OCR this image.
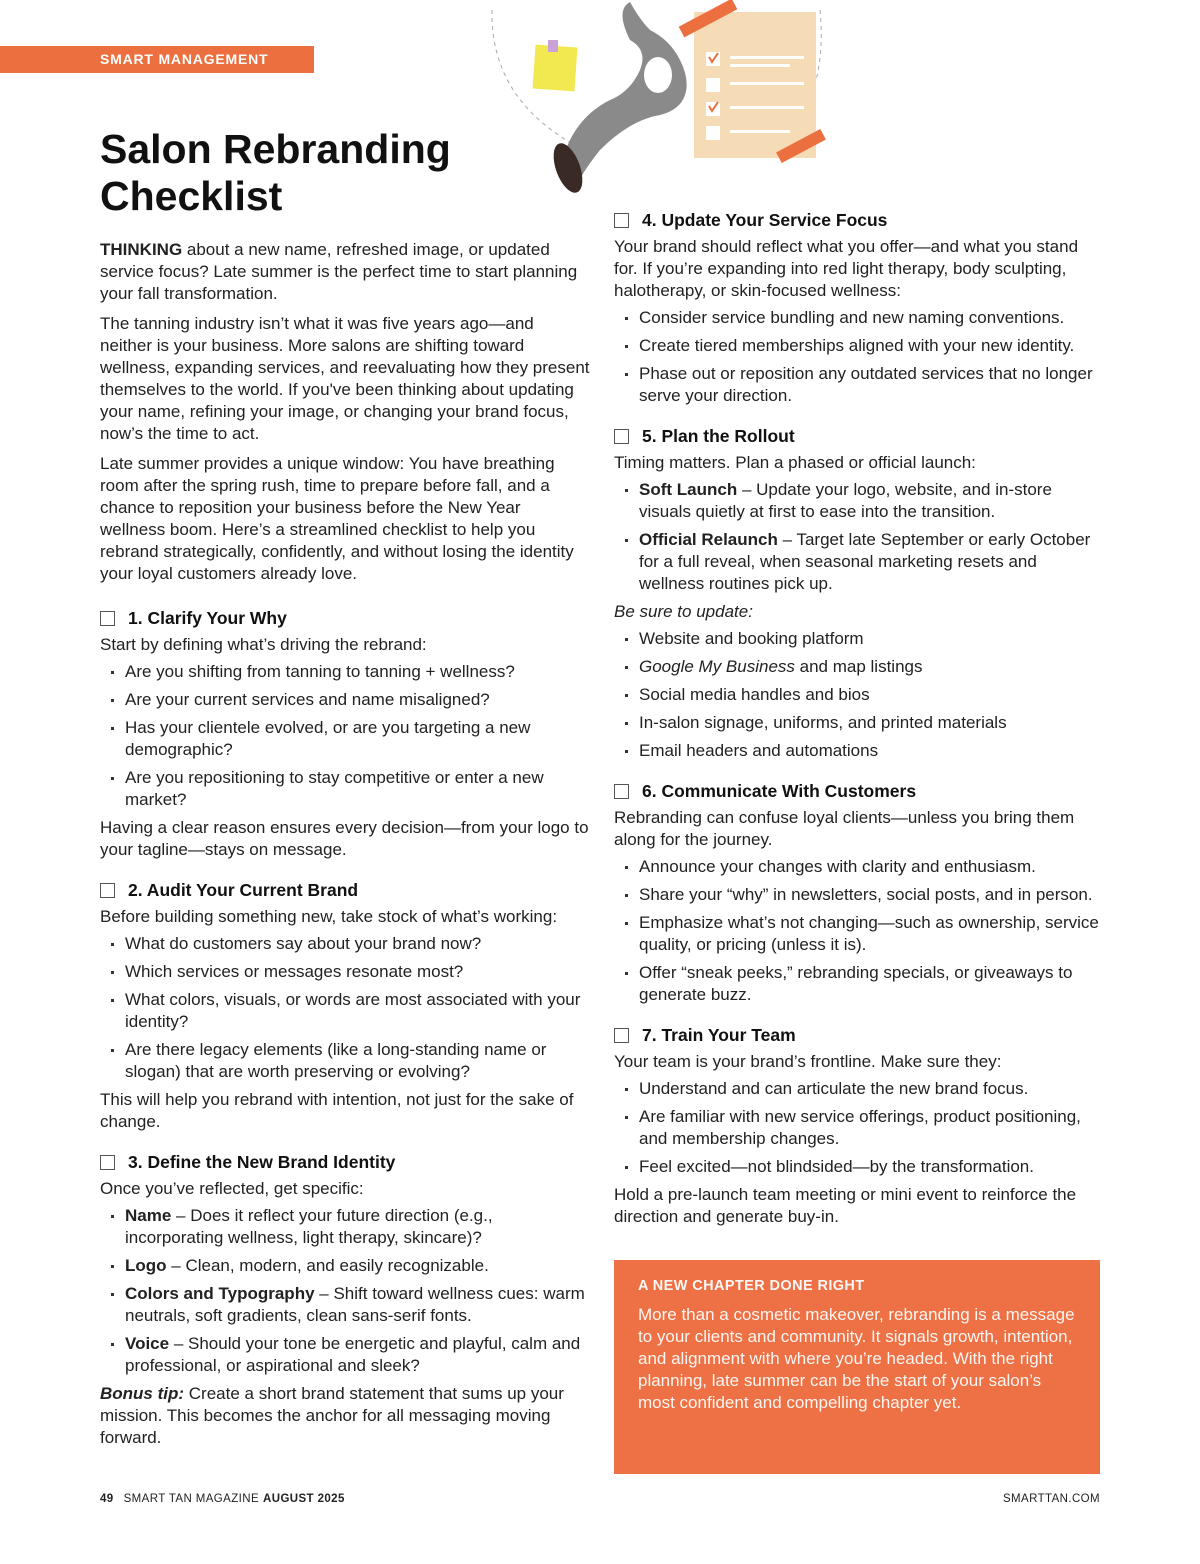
SMART MANAGEMENT
Salon Rebranding Checklist

THINKING about a new name, refreshed image, or updated service focus? Late summer is the perfect time to start planning your fall transformation.

The tanning industry isn’t what it was five years ago—and neither is your business. More salons are shifting toward wellness, expanding services, and reevaluating how they present themselves to the world. If you've been thinking about updating your name, refining your image, or changing your brand focus, now’s the time to act.

Late summer provides a unique window: You have breathing room after the spring rush, time to prepare before fall, and a chance to reposition your business before the New Year wellness boom. Here’s a streamlined checklist to help you rebrand strategically, confidently, and without losing the identity your loyal customers already love.

1. Clarify Your Why

Start by defining what’s driving the rebrand:

Are you shifting from tanning to tanning + wellness?
Are your current services and name misaligned?
Has your clientele evolved, or are you targeting a new demographic?
Are you repositioning to stay competitive or enter a new market?

Having a clear reason ensures every decision—from your logo to your tagline—stays on message.

2. Audit Your Current Brand

Before building something new, take stock of what’s working:

What do customers say about your brand now?
Which services or messages resonate most?
What colors, visuals, or words are most associated with your identity?
Are there legacy elements (like a long-standing name or slogan) that are worth preserving or evolving?

This will help you rebrand with intention, not just for the sake of change.

3. Define the New Brand Identity

Once you’ve reflected, get specific:

Name – Does it reflect your future direction (e.g., incorporating wellness, light therapy, skincare)?
Logo – Clean, modern, and easily recognizable.
Colors and Typography – Shift toward wellness cues: warm neutrals, soft gradients, clean sans-serif fonts.
Voice – Should your tone be energetic and playful, calm and professional, or aspirational and sleek?

Bonus tip: Create a short brand statement that sums up your mission. This becomes the anchor for all messaging moving forward.

4. Update Your Service Focus

Your brand should reflect what you offer—and what you stand for. If you’re expanding into red light therapy, body sculpting, halotherapy, or skin-focused wellness:

Consider service bundling and new naming conventions.
Create tiered memberships aligned with your new identity.
Phase out or reposition any outdated services that no longer serve your direction.
5. Plan the Rollout

Timing matters. Plan a phased or official launch:

Soft Launch – Update your logo, website, and in-store visuals quietly at first to ease into the transition.
Official Relaunch – Target late September or early October for a full reveal, when seasonal marketing resets and wellness routines pick up.

Be sure to update:

Website and booking platform
Google My Business and map listings
Social media handles and bios
In-salon signage, uniforms, and printed materials
Email headers and automations
6. Communicate With Customers

Rebranding can confuse loyal clients—unless you bring them along for the journey.

Announce your changes with clarity and enthusiasm.
Share your “why” in newsletters, social posts, and in person.
Emphasize what’s not changing—such as ownership, service quality, or pricing (unless it is).
Offer “sneak peeks,” rebranding specials, or giveaways to generate buzz.
7. Train Your Team

Your team is your brand’s frontline. Make sure they:

Understand and can articulate the new brand focus.
Are familiar with new service offerings, product positioning, and membership changes.
Feel excited—not blindsided—by the transformation.

Hold a pre-launch team meeting or mini event to reinforce the direction and generate buy-in.

A NEW CHAPTER DONE RIGHT
More than a cosmetic makeover, rebranding is a message to your clients and community. It signals growth, intention, and alignment with where you’re headed. With the right planning, late summer can be the start of your salon’s most confident and compelling chapter yet.
49 SMART TAN MAGAZINE AUGUST 2025	SMARTTAN.COM
